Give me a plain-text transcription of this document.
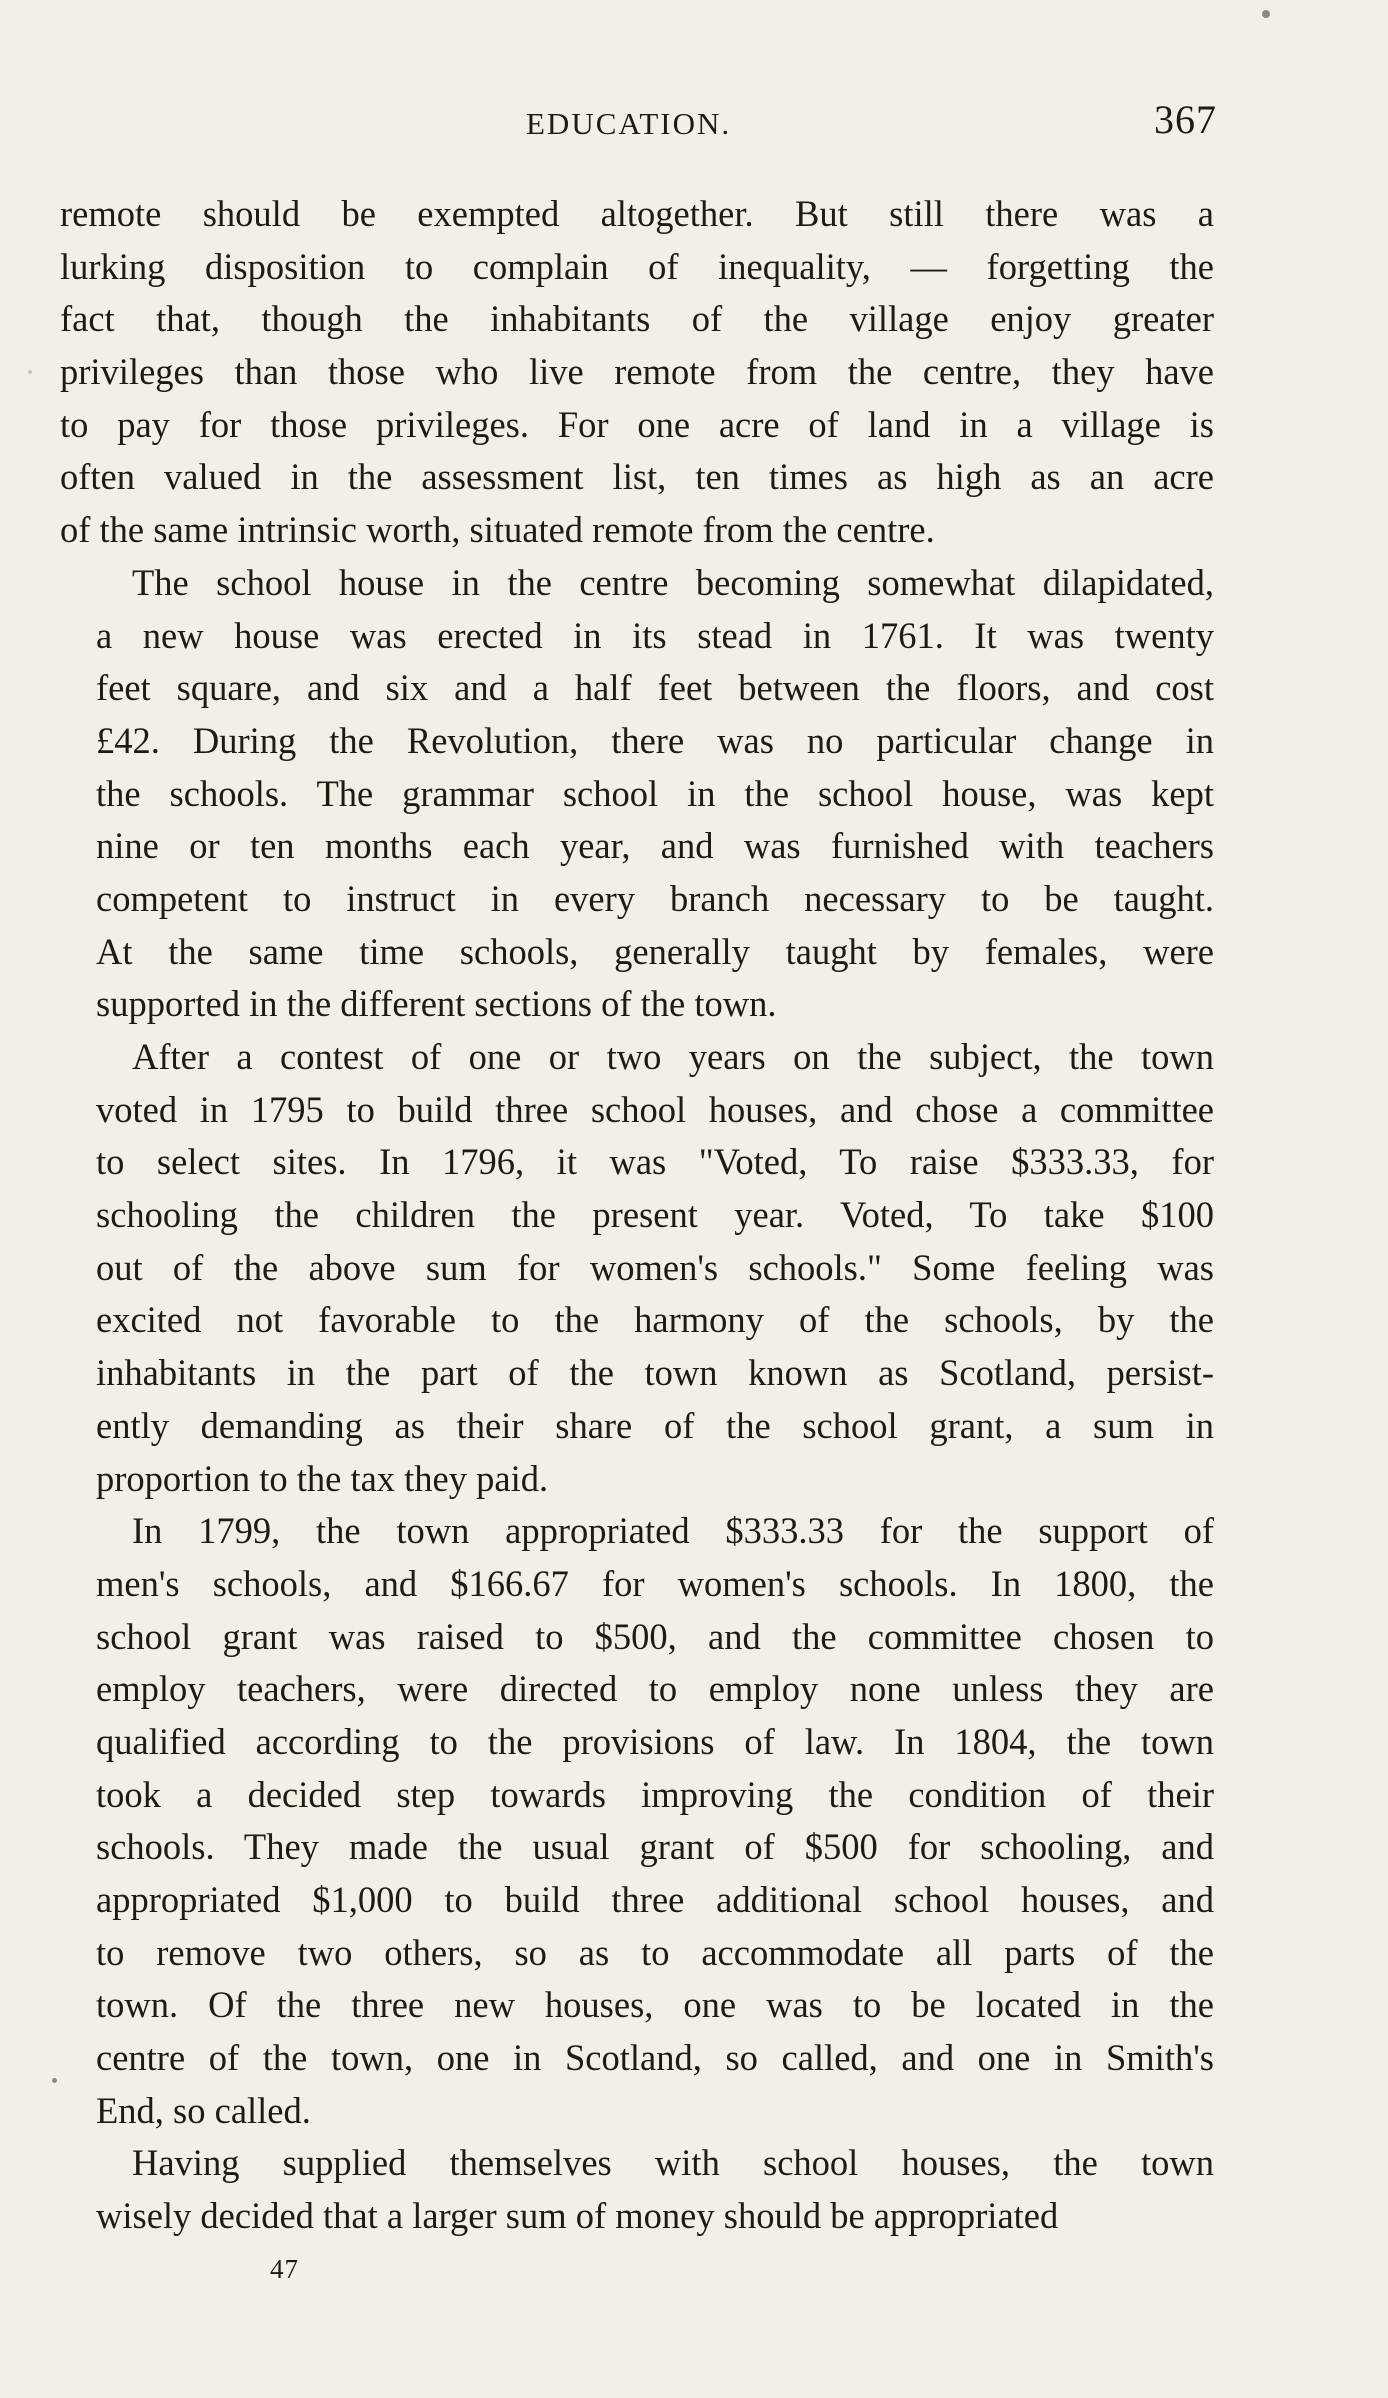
EDUCATION.	367

remote should be exempted altogether. But still there was a
lurking disposition to complain of inequality, — forgetting the
fact that, though the inhabitants of the village enjoy greater
privileges than those who live remote from the centre, they have
to pay for those privileges. For one acre of land in a village is
often valued in the assessment list, ten times as high as an acre
of the same intrinsic worth, situated remote from the centre.

The school house in the centre becoming somewhat dilapidated,
a new house was erected in its stead in 1761. It was twenty
feet square, and six and a half feet between the floors, and cost
£42. During the Revolution, there was no particular change in
the schools. The grammar school in the school house, was kept
nine or ten months each year, and was furnished with teachers
competent to instruct in every branch necessary to be taught.
At the same time schools, generally taught by females, were
supported in the different sections of the town.

After a contest of one or two years on the subject, the town
voted in 1795 to build three school houses, and chose a committee
to select sites. In 1796, it was "Voted, To raise $333.33, for
schooling the children the present year. Voted, To take $100
out of the above sum for women's schools." Some feeling was
excited not favorable to the harmony of the schools, by the
inhabitants in the part of the town known as Scotland, persist-
ently demanding as their share of the school grant, a sum in
proportion to the tax they paid.

In 1799, the town appropriated $333.33 for the support of
men's schools, and $166.67 for women's schools. In 1800, the
school grant was raised to $500, and the committee chosen to
employ teachers, were directed to employ none unless they are
qualified according to the provisions of law. In 1804, the town
took a decided step towards improving the condition of their
schools. They made the usual grant of $500 for schooling, and
appropriated $1,000 to build three additional school houses, and
to remove two others, so as to accommodate all parts of the
town. Of the three new houses, one was to be located in the
centre of the town, one in Scotland, so called, and one in Smith's
End, so called.

Having supplied themselves with school houses, the town
wisely decided that a larger sum of money should be appropriated

47
